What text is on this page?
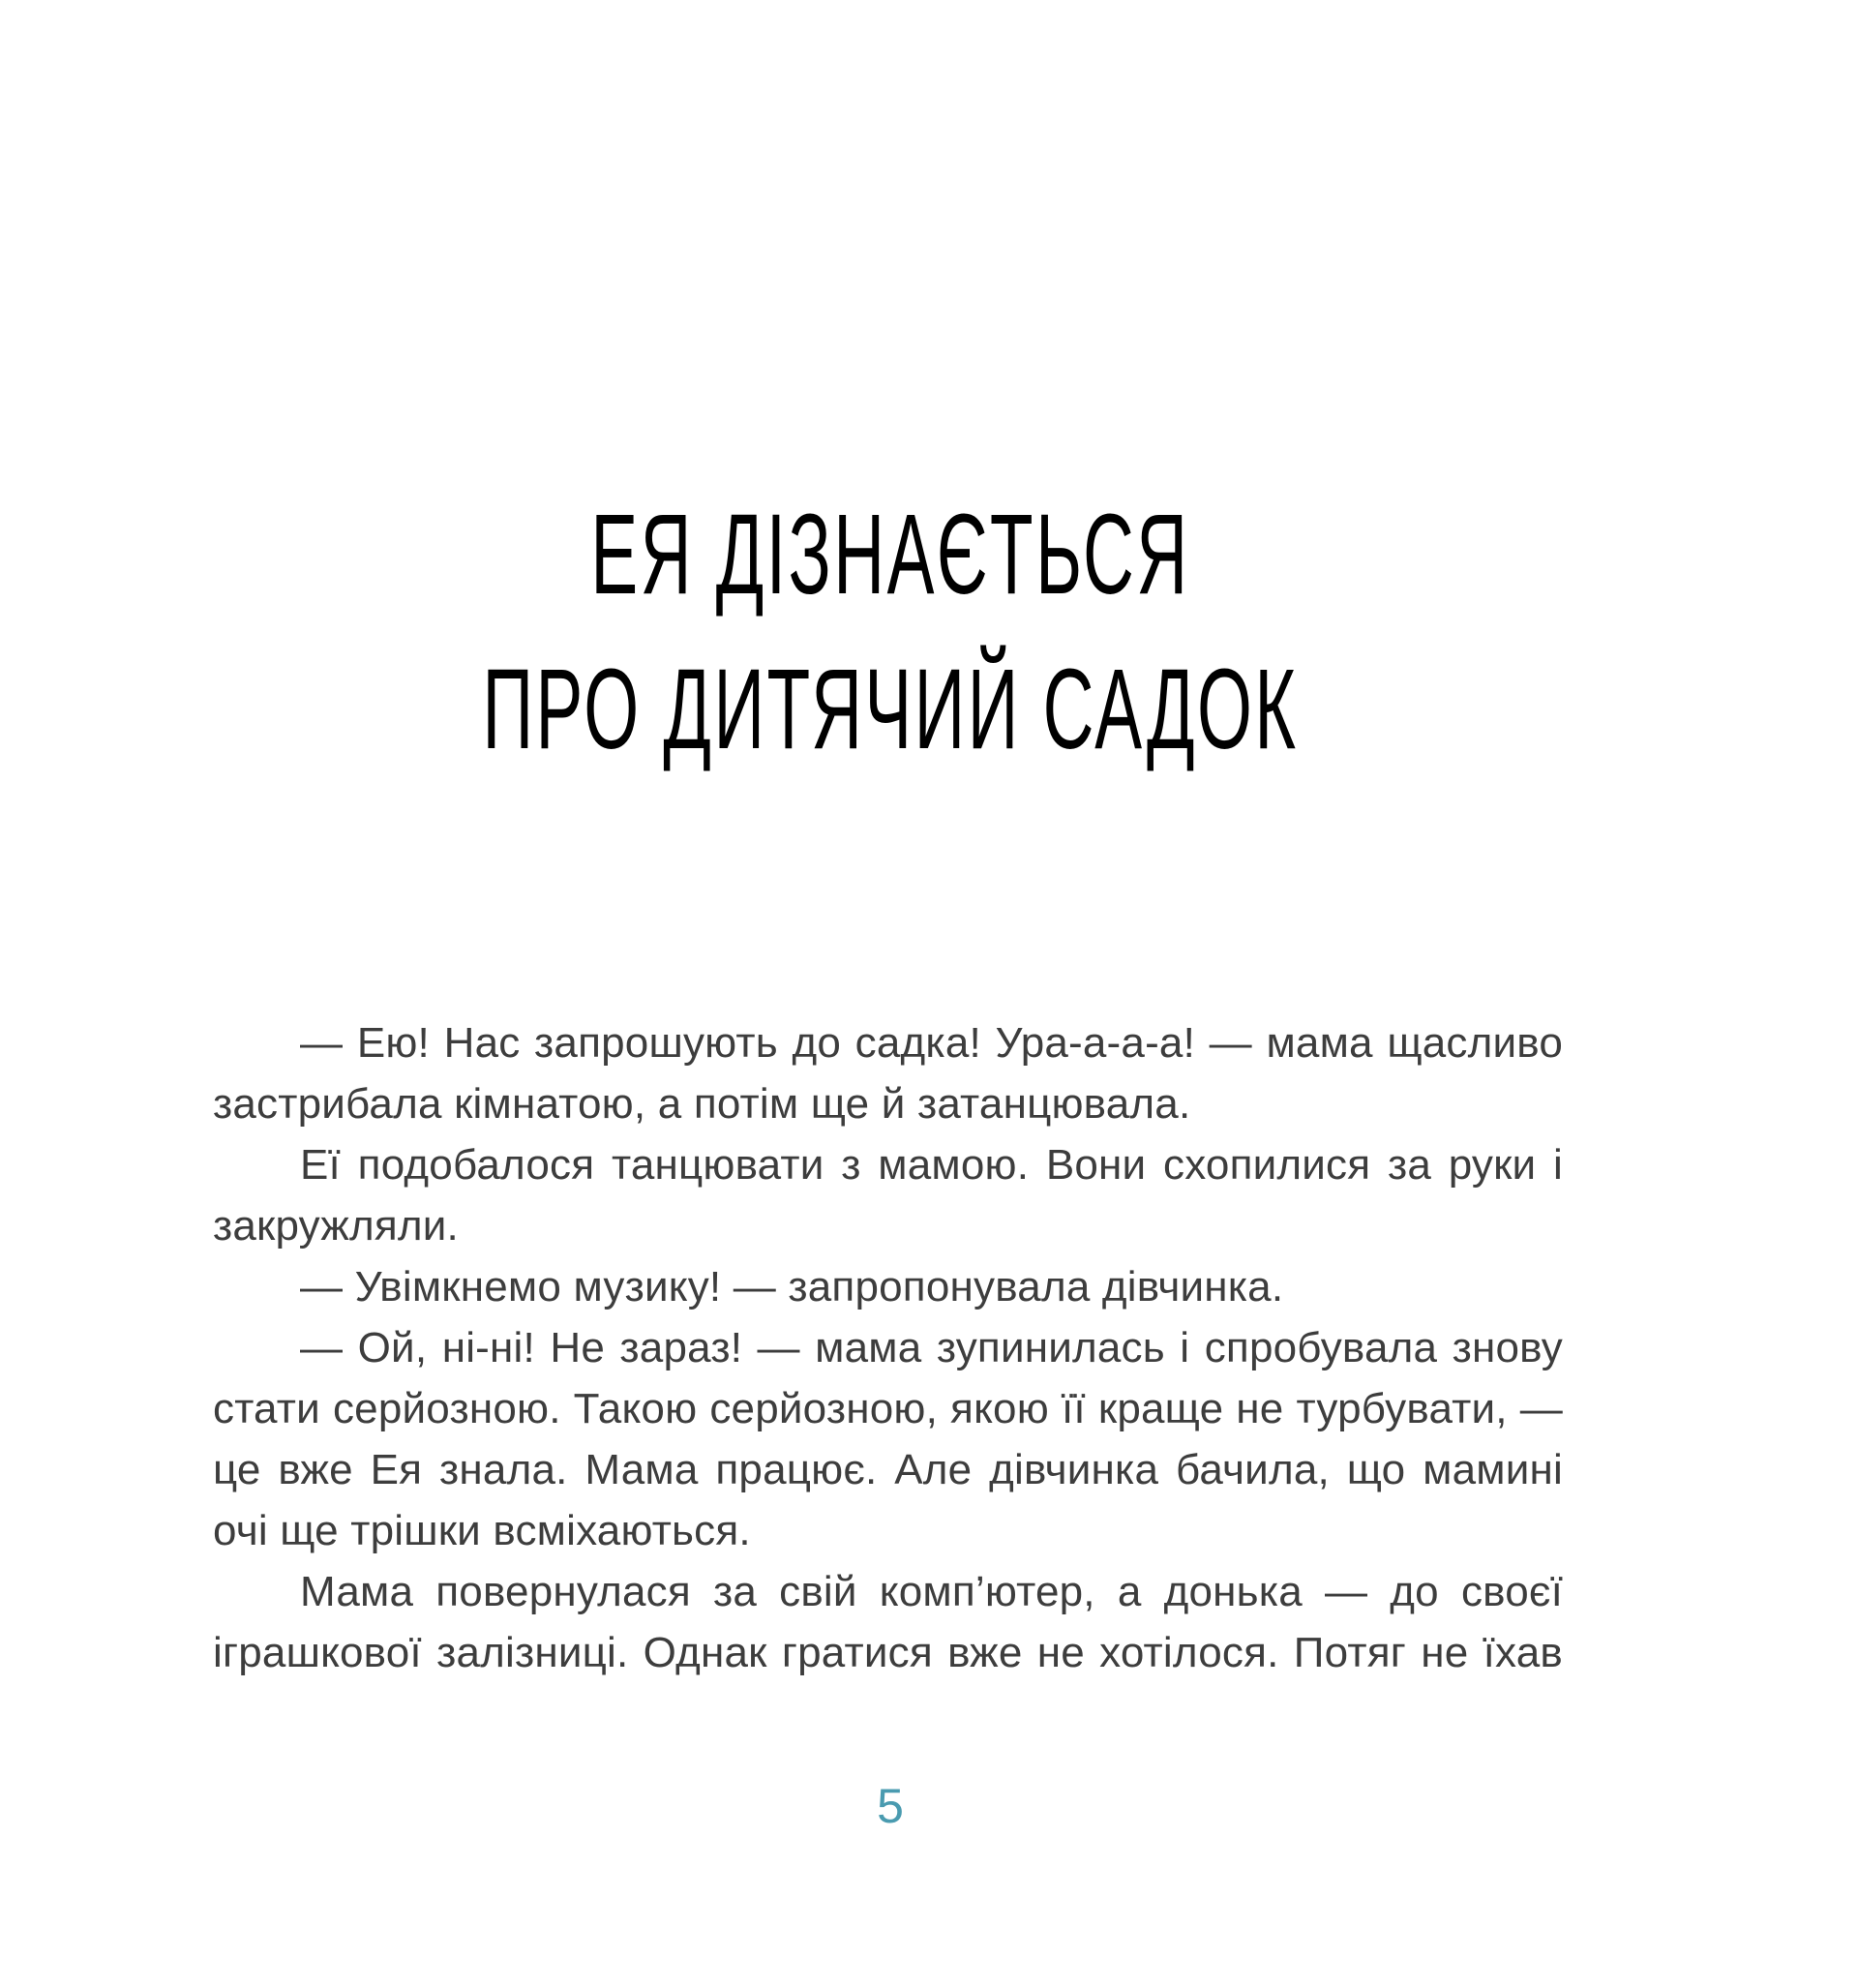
ЕЯ ДІЗНАЄТЬСЯ
ПРО ДИТЯЧИЙ САДОК

— Ею! Нас запрошують до садка! Ура-а-а-а! — мама щасливо застрибала кімнатою, а потім ще й затанцювала.

Еї подобалося танцювати з мамою. Вони схопилися за руки і закружляли.

— Увімкнемо музику! — запропонувала дівчинка.

— Ой, ні-ні! Не зараз! — мама зупинилась і спробувала знову стати серйозною. Такою серйозною, якою її краще не турбувати, — це вже Ея знала. Мама працює. Але дівчинка бачила, що мамині очі ще трішки всміхаються.

Мама повернулася за свій комп’ютер, а донька — до своєї іграшкової залізниці. Однак гратися вже не хотілося. Потяг не їхав

5
